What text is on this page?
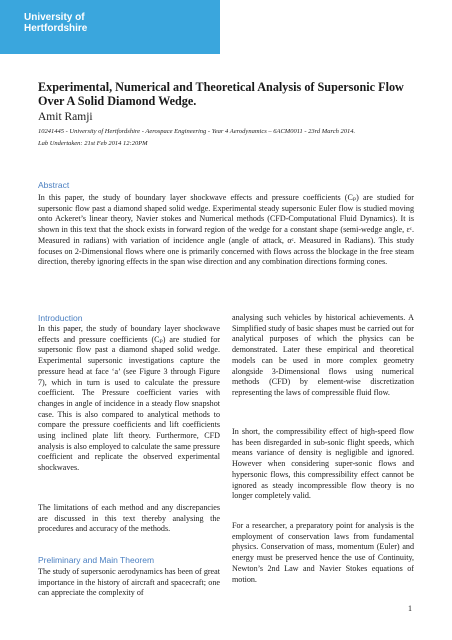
University of
Hertfordshire
Experimental, Numerical and Theoretical Analysis of Supersonic Flow Over A Solid Diamond Wedge.

Amit Ramji

10241445 - University of Hertfordshire - Aerospace Engineering - Year 4 Aerodynamics – 6ACM0011 - 23rd March 2014.

Lab Undertaken: 21st Feb 2014 12:20PM

Abstract

In this paper, the study of boundary layer shockwave effects and pressure coefficients (Cₚ) are studied for supersonic flow past a diamond shaped solid wedge. Experimental steady supersonic Euler flow is studied moving onto Ackeret’s linear theory, Navier stokes and Numerical methods (CFD-Computational Fluid Dynamics). It is shown in this text that the shock exists in forward region of the wedge for a constant shape (semi-wedge angle, εᶜ. Measured in radians) with variation of incidence angle (angle of attack, αᶜ. Measured in Radians). This study focuses on 2-Dimensional flows where one is primarily concerned with flows across the blockage in the free steam direction, thereby ignoring effects in the span wise direction and any combination directions forming cones.

Introduction

In this paper, the study of boundary layer shockwave effects and pressure coefficients (Cₚ) are studied for supersonic flow past a diamond shaped solid wedge. Experimental supersonic investigations capture the pressure head at face ‘a’ (see Figure 3 through Figure 7), which in turn is used to calculate the pressure coefficient. The Pressure coefficient varies with changes in angle of incidence in a steady flow snapshot case. This is also compared to analytical methods to compare the pressure coefficients and lift coefficients using inclined plate lift theory. Furthermore, CFD analysis is also employed to calculate the same pressure coefficient and replicate the observed experimental shockwaves.

The limitations of each method and any discrepancies are discussed in this text thereby analysing the procedures and accuracy of the methods.

Preliminary and Main Theorem

The study of supersonic aerodynamics has been of great importance in the history of aircraft and spacecraft; one can appreciate the complexity of

analysing such vehicles by historical achievements. A Simplified study of basic shapes must be carried out for analytical purposes of which the physics can be demonstrated. Later these empirical and theoretical models can be used in more complex geometry alongside 3-Dimensional flows using numerical methods (CFD) by element-wise discretization representing the laws of compressible fluid flow.

In short, the compressibility effect of high-speed flow has been disregarded in sub-sonic flight speeds, which means variance of density is negligible and ignored. However when considering super-sonic flows and hypersonic flows, this compressibility effect cannot be ignored as steady incompressible flow theory is no longer completely valid.

For a researcher, a preparatory point for analysis is the employment of conservation laws from fundamental physics. Conservation of mass, momentum (Euler) and energy must be preserved hence the use of Continuity, Newton’s 2nd Law and Navier Stokes equations of motion.

1
